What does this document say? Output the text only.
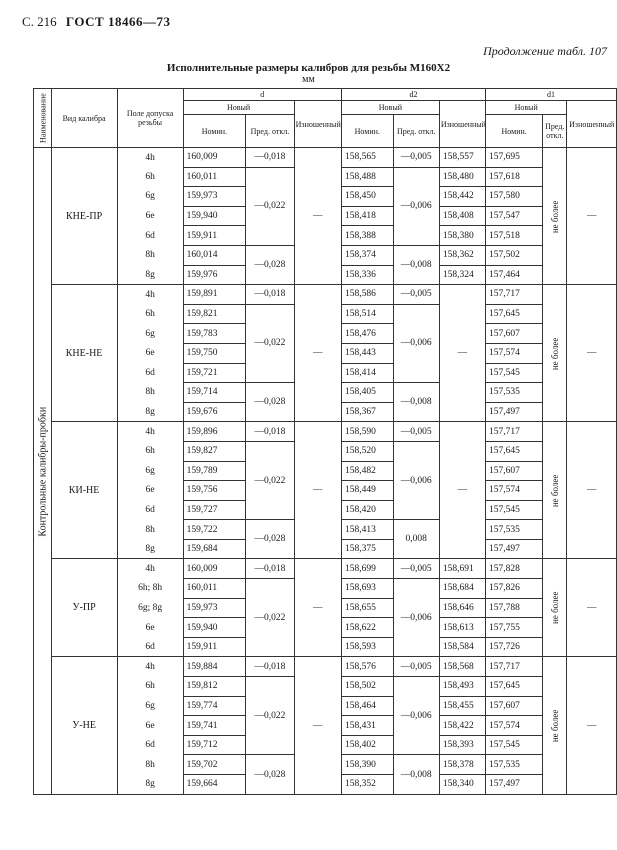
С. 216 ГОСТ 18466—73
Продолжение табл. 107
Исполнительные размеры калибров для резьбы М160Х2
мм
Наименование	Вид калибра	Поле допуска резьбы	d			d2			d1		
			Новый		Изношенный	Новый		Изношенный	Новый		Изношенный
			Номин.	Пред. откл.		Номин.	Пред. откл.		Номин.	Пред. откл.	
Контрольные калибры-пробки	КНЕ-ПР	4h	160,009	—0,018	—	158,565	—0,005	158,557	157,695	не более	—
		6h	160,011	—0,022		158,488	—0,006	158,480	157,618		
		6g	159,973			158,450		158,442	157,580		
		6e	159,940			158,418		158,408	157,547		
		6d	159,911			158,388		158,380	157,518		
		8h	160,014	—0,028		158,374	—0,008	158,362	157,502		
		8g	159,976			158,336		158,324	157,464		
	КНЕ-НЕ	4h	159,891	—0,018	—	158,586	—0,005	—	157,717	не более	—
		6h	159,821	—0,022		158,514	—0,006		157,645		
		6g	159,783			158,476			157,607		
		6e	159,750			158,443			157,574		
		6d	159,721			158,414			157,545		
		8h	159,714	—0,028		158,405	—0,008		157,535		
		8g	159,676			158,367			157,497		
	КИ-НЕ	4h	159,896	—0,018	—	158,590	—0,005	—	157,717	не более	—
		6h	159,827	—0,022		158,520	—0,006		157,645		
		6g	159,789			158,482			157,607		
		6e	159,756			158,449			157,574		
		6d	159,727			158,420			157,545		
		8h	159,722	—0,028		158,413	0,008		157,535		
		8g	159,684			158,375			157,497		
	У-ПР	4h	160,009	—0,018	—	158,699	—0,005	158,691	157,828	не более	—
		6h; 8h	160,011	—0,022		158,693	—0,006	158,684	157,826		
		6g; 8g	159,973			158,655		158,646	157,788		
		6e	159,940			158,622		158,613	157,755		
		6d	159,911			158,593		158,584	157,726		
	У-НЕ	4h	159,884	—0,018	—	158,576	—0,005	158,568	157,717	не более	—
		6h	159,812	—0,022		158,502	—0,006	158,493	157,645		
		6g	159,774			158,464		158,455	157,607		
		6e	159,741			158,431		158,422	157,574		
		6d	159,712			158,402		158,393	157,545		
		8h	159,702	—0,028		158,390	—0,008	158,378	157,535		
		8g	159,664			158,352		158,340	157,497		
